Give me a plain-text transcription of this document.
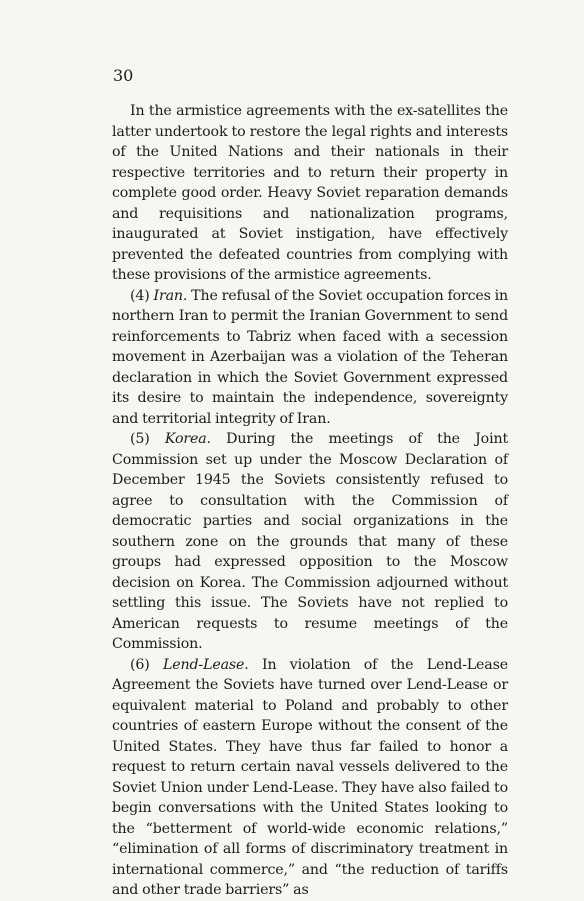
30

In the armistice agreements with the ex-satellites the latter undertook to restore the legal rights and interests of the United Nations and their nationals in their respective territories and to return their property in complete good order. Heavy Soviet reparation demands and requisitions and nationalization programs, inaugurated at Soviet instigation, have effectively prevented the defeated countries from complying with these provisions of the armistice agreements.

(4) Iran. The refusal of the Soviet occupation forces in northern Iran to permit the Iranian Government to send reinforcements to Tabriz when faced with a secession movement in Azerbaijan was a violation of the Teheran declaration in which the Soviet Government expressed its desire to maintain the independence, sovereignty and territorial integrity of Iran.

(5) Korea. During the meetings of the Joint Commission set up under the Moscow Declaration of December 1945 the Soviets consistently refused to agree to consultation with the Commission of democratic parties and social organizations in the southern zone on the grounds that many of these groups had expressed opposition to the Moscow decision on Korea. The Commission adjourned without settling this issue. The Soviets have not replied to American requests to resume meetings of the Commission.

(6) Lend-Lease. In violation of the Lend-Lease Agreement the Soviets have turned over Lend-Lease or equivalent material to Poland and probably to other countries of eastern Europe without the consent of the United States. They have thus far failed to honor a request to return certain naval vessels delivered to the Soviet Union under Lend-Lease. They have also failed to begin conversations with the United States looking to the “betterment of world-wide economic relations,” “elimination of all forms of discriminatory treatment in international commerce,” and “the reduction of tariffs and other trade barriers” as
